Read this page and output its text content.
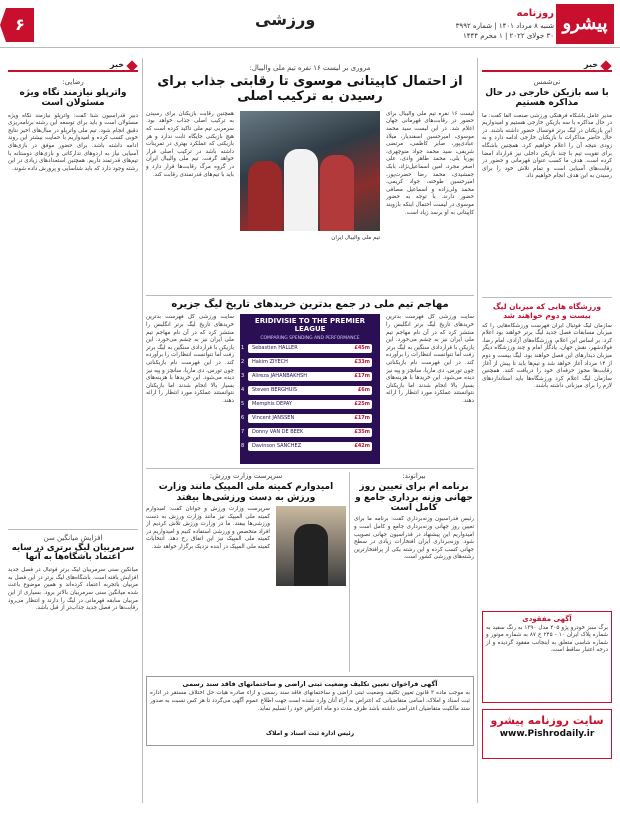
۶	ورزشی	پیشرو
روزنامه
شنبه ۸ مرداد ۱۴۰۱ | شماره ۳۹۹۲
۳۰ جولای ۲۰۲۲ | ۱ محرم ۱۴۴۴
خبر
تی‌شمس
با سه بازیکن خارجی در حال مذاکره هستیم
مدیر عامل باشگاه فرهنگی ورزشی صنعت آلفا گفت: ما در حال مذاکره با سه بازیکن خارجی هستیم و امیدواریم این بازیکنان در لیگ برتر فوتسال حضور داشته باشند. در حال حاضر مذاکرات با بازیکنان خارجی ادامه دارد و به زودی نتیجه آن را اعلام خواهیم کرد. همچنین باشگاه برای تقویت تیم با چند بازیکن داخلی نیز قرارداد امضا کرده است. هدف ما کسب عنوان قهرمانی و حضور در رقابت‌های آسیایی است و تمام تلاش خود را برای رسیدن به این هدف انجام خواهیم داد.
ورزشگاه هایی که میزبان لیگ بیست و دوم خواهند شد
سازمان لیگ فوتبال ایران فهرست ورزشگاه‌هایی را که میزبان مسابقات فصل جدید لیگ برتر خواهند بود اعلام کرد. بر اساس این اعلام، ورزشگاه‌های آزادی، امام رضا، فولادشهر، نقش جهان، یادگار امام و چند ورزشگاه دیگر میزبان دیدارهای این فصل خواهند بود. لیگ بیست و دوم از ۱۴ مرداد آغاز خواهد شد و تیم‌ها باید تا پیش از آغاز رقابت‌ها مجوز حرفه‌ای خود را دریافت کنند. همچنین سازمان لیگ اعلام کرد ورزشگاه‌ها باید استانداردهای لازم را برای میزبانی داشته باشند.
آگهی مفقودی
برگ سبز خودرو پژو ۴۰۵ مدل ۱۳۹۰ به رنگ سفید به شماره پلاک ایران ۱۰ - ۲۴۵ ج ۸۷ به شماره موتور و شماره شاسی متعلق به اینجانب مفقود گردیده و از درجه اعتبار ساقط است.
سایت روزنامه پیشرو
www.Pishrodaily.ir
مروری بر لیست ۱۶ نفره تیم ملی والیبال:
از احتمال کاپیتانی موسوی تا رقابتی جذاب برای رسیدن به ترکیب اصلی
لیست ۱۶ نفره تیم ملی والیبال برای حضور در رقابت‌های قهرمانی جهان اعلام شد. در این لیست سید محمد موسوی، امیرحسین اسفندیار، میلاد عبادی‌پور، صابر کاظمی، مرتضی شریفی، سید محمد جواد منوچهری، پوریا یلی، محمد طاهر وادی، علی اصغر مجرد، امین اسماعیل‌نژاد، بابک جمشیدی، محمد رضا حضرت‌پور، امیرحسین طوخته، جواد کریمی، محمد ولی‌زاده و اسماعیل مصافی حضور دارند. با توجه به حضور موسوی در لیست احتمال اینکه بازوبند کاپیتانی به او برسد زیاد است.
تیم ملی والیبال ایران
همچنین رقابت بازیکنان برای رسیدن به ترکیب اصلی جذاب خواهد بود. سرمربی تیم ملی تاکید کرده است که هیچ بازیکنی جایگاه ثابت ندارد و هر بازیکنی که عملکرد بهتری در تمرینات داشته باشد در ترکیب اصلی قرار خواهد گرفت. تیم ملی والیبال ایران در گروه مرگ رقابت‌ها قرار دارد و باید با تیم‌های قدرتمندی رقابت کند.
مهاجم تیم ملی در جمع بدترین خریدهای تاریخ لیگ جزیره
سایت ورزشی گل فهرست بدترین خریدهای تاریخ لیگ برتر انگلیس را منتشر کرد که در آن نام مهاجم تیم ملی ایران نیز به چشم می‌خورد. این بازیکن با قراردادی سنگین به لیگ برتر رفت اما نتوانست انتظارات را برآورده کند. در این فهرست نام بازیکنانی چون تورس، دی ماریا، سانچز و پپه نیز دیده می‌شود. این خریدها با هزینه‌های بسیار بالا انجام شدند اما بازیکنان نتوانستند عملکرد مورد انتظار را ارائه دهند.
ERIDIVISIE TO THE PREMIER LEAGUE
COMPARING SPENDING AND PERFORMANCE
1 Sebastien HALLER	£45m
2 Hakim ZIYECH	£33m
3 Alireza JAHANBAKHSH	£17m
4 Steven BERGHUIS	£6m
5 Memphis DEPAY	£25m
6 Vincent JANSSEN	£17m
7 Donny VAN DE BEEK	£35m
8 Davinson SANCHEZ	£42m
سایت ورزشی گل فهرست بدترین خریدهای تاریخ لیگ برتر انگلیس را منتشر کرد که در آن نام مهاجم تیم ملی ایران نیز به چشم می‌خورد. این بازیکن با قراردادی سنگین به لیگ برتر رفت اما نتوانست انتظارات را برآورده کند. در این فهرست نام بازیکنانی چون تورس، دی ماریا، سانچز و پپه نیز دیده می‌شود. این خریدها با هزینه‌های بسیار بالا انجام شدند اما بازیکنان نتوانستند عملکرد مورد انتظار را ارائه دهند.
بیرانوند:
برنامه ام برای تعیین روز جهانی وزنه برداری جامع و کامل است
رئیس فدراسیون وزنه‌برداری گفت: برنامه ما برای تعیین روز جهانی وزنه‌برداری جامع و کامل است و امیدواریم این پیشنهاد در فدراسیون جهانی تصویب شود. وزنه‌برداری ایران افتخارات زیادی در سطح جهانی کسب کرده و این رشته یکی از پرافتخارترین رشته‌های ورزشی کشور است.
سرپرست وزارت ورزش:
امیدوارم کمیته ملی المپیک مانند وزارت ورزش به دست ورزشی‌ها بیفتد
سرپرست وزارت ورزش و جوانان گفت: امیدوارم کمیته ملی المپیک نیز مانند وزارت ورزش به دست ورزشی‌ها بیفتد. ما در وزارت ورزش تلاش کردیم از افراد متخصص و ورزشی استفاده کنیم و امیدواریم در کمیته ملی المپیک نیز این اتفاق رخ دهد. انتخابات کمیته ملی المپیک در آینده نزدیک برگزار خواهد شد.
آگهی فراخوان تعیین تکلیف وضعیت ثبتی اراضی و ساختمانهای فاقد سند رسمی
به موجب ماده ۳ قانون تعیین تکلیف وضعیت ثبتی اراضی و ساختمانهای فاقد سند رسمی و آراء صادره هیات حل اختلاف مستقر در اداره ثبت اسناد و املاک، اسامی متقاضیانی که اعتراض به آراء آنان وارد نشده است جهت اطلاع عموم آگهی می‌گردد تا هر کس نسبت به صدور سند مالکیت متقاضیان اعتراضی داشته باشد ظرف مدت دو ماه اعتراض خود را تسلیم نماید.
رئیس اداره ثبت اسناد و املاک
خبر
رضایی:
واترپلو نیازمند نگاه ویژه مسئولان است
دبیر فدراسیون شنا گفت: واترپلو نیازمند نگاه ویژه مسئولان است و باید برای توسعه این رشته برنامه‌ریزی دقیق انجام شود. تیم ملی واترپلو در سال‌های اخیر نتایج خوبی کسب کرده و امیدواریم با حمایت بیشتر این روند ادامه داشته باشد. برای حضور موفق در بازی‌های آسیایی نیاز به اردوهای تدارکاتی و بازی‌های دوستانه با تیم‌های قدرتمند داریم. همچنین استعدادهای زیادی در این رشته وجود دارد که باید شناسایی و پرورش داده شوند.
افزایش میانگین سن
سرمربیان لیگ برتری در سایه اعتماد باشگاه‌ها به آنها
میانگین سنی سرمربیان لیگ برتر فوتبال در فصل جدید افزایش یافته است. باشگاه‌های لیگ برتر در این فصل به مربیان باتجربه اعتماد کرده‌اند و همین موضوع باعث شده میانگین سنی سرمربیان بالاتر برود. بسیاری از این مربیان سابقه قهرمانی در لیگ را دارند و انتظار می‌رود رقابت‌ها در فصل جدید جذاب‌تر از قبل باشد.
